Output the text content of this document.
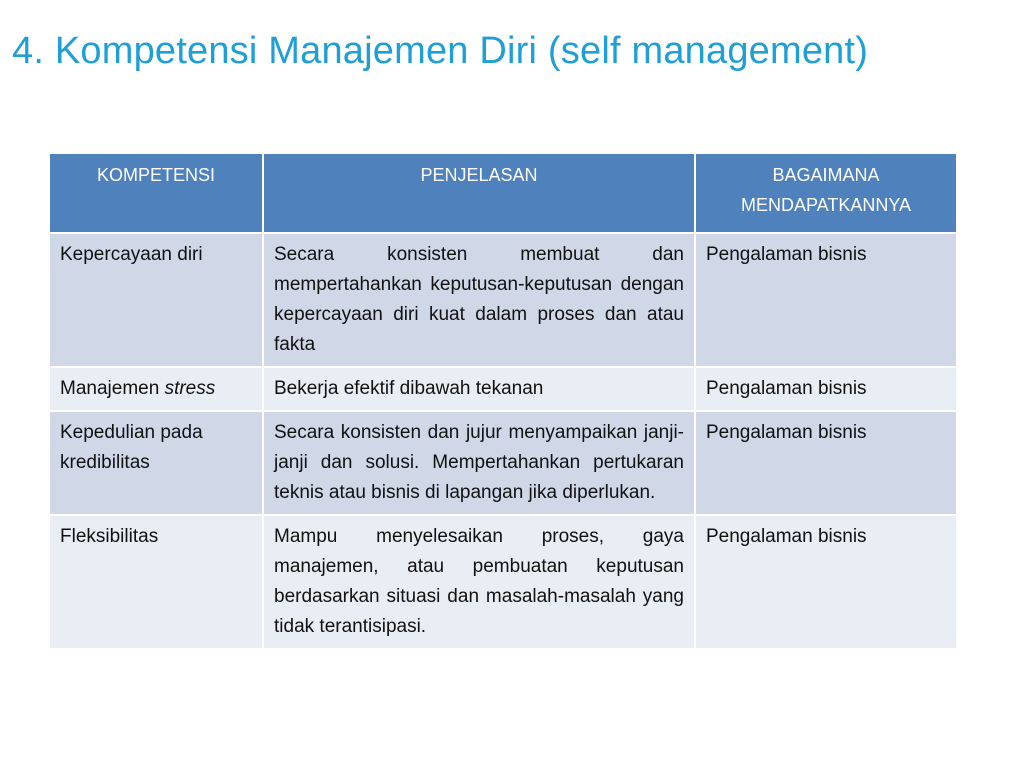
4. Kompetensi Manajemen Diri (self management)
KOMPETENSI	PENJELASAN	BAGAIMANA MENDAPATKANNYA
Kepercayaan diri	Secara konsisten membuat dan mempertahankan keputusan-keputusan dengan kepercayaan diri kuat dalam proses dan atau fakta	Pengalaman bisnis
Manajemen stress	Bekerja efektif dibawah tekanan	Pengalaman bisnis
Kepedulian pada kredibilitas	Secara konsisten dan jujur menyampaikan janji-janji dan solusi. Mempertahankan pertukaran teknis atau bisnis di lapangan jika diperlukan.	Pengalaman bisnis
Fleksibilitas	Mampu menyelesaikan proses, gaya manajemen, atau pembuatan keputusan berdasarkan situasi dan masalah-masalah yang tidak terantisipasi.	Pengalaman bisnis
